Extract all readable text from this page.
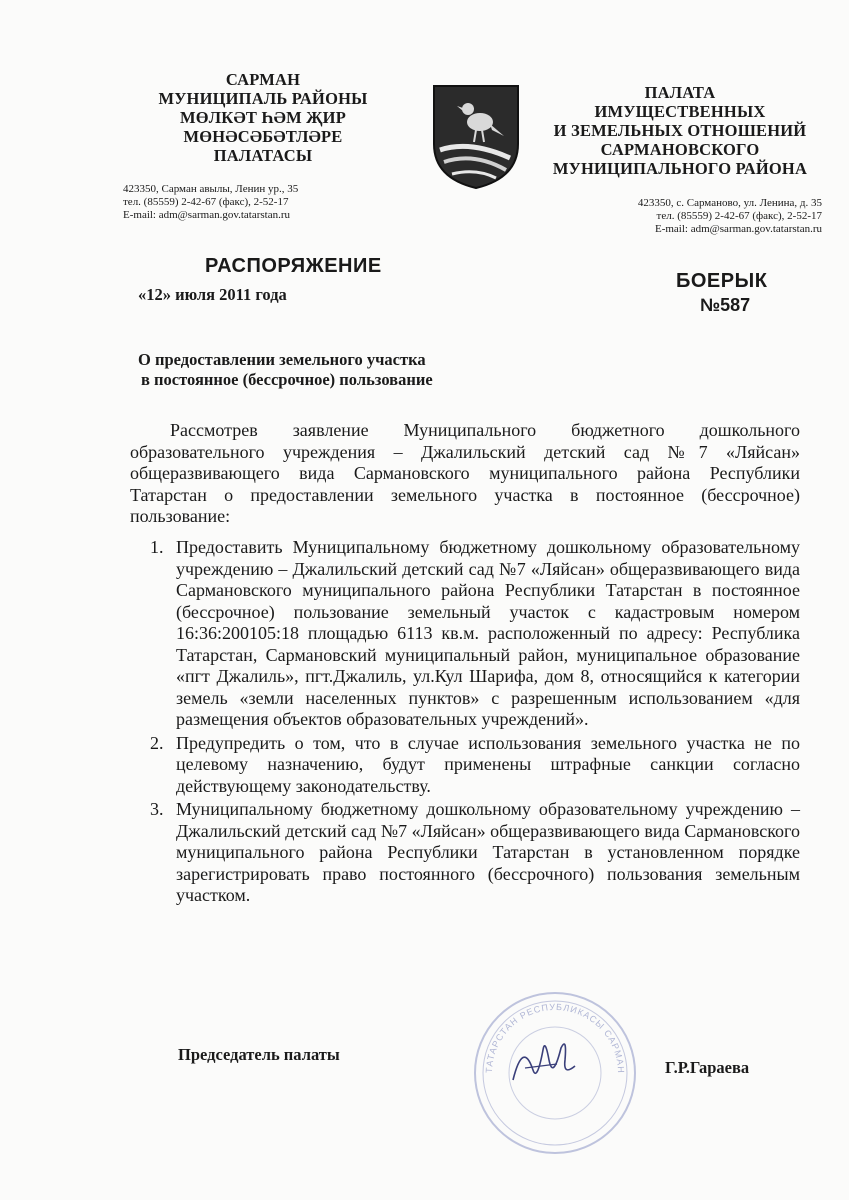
САРМАН
МУНИЦИПАЛЬ РАЙОНЫ
МӨЛКӘТ ҺӘМ ҖИР
МӨНӘСӘБӘТЛӘРЕ
ПАЛАТАСЫ
423350, Сарман авылы, Ленин ур., 35
тел. (85559) 2-42-67 (факс), 2-52-17
E-mail: adm@sarman.gov.tatarstan.ru
ПАЛАТА
ИМУЩЕСТВЕННЫХ
И ЗЕМЕЛЬНЫХ ОТНОШЕНИЙ
САРМАНОВСКОГО
МУНИЦИПАЛЬНОГО РАЙОНА
423350, с. Сарманово, ул. Ленина, д. 35
тел. (85559) 2-42-67 (факс), 2-52-17
E-mail: adm@sarman.gov.tatarstan.ru
РАСПОРЯЖЕНИЕ
«12» июля 2011 года
БОЕРЫК
№587
О предоставлении земельного участка
в постоянное (бессрочное) пользование
Рассмотрев заявление Муниципального бюджетного дошкольного образовательного учреждения – Джалильский детский сад №7 «Ляйсан» общеразвивающего вида Сармановского муниципального района Республики Татарстан о предоставлении земельного участка в постоянное (бессрочное) пользование:
1. Предоставить Муниципальному бюджетному дошкольному образовательному учреждению – Джалильский детский сад №7 «Ляйсан» общеразвивающего вида Сармановского муниципального района Республики Татарстан в постоянное (бессрочное) пользование земельный участок с кадастровым номером 16:36:200105:18 площадью 6113 кв.м. расположенный по адресу: Республика Татарстан, Сармановский муниципальный район, муниципальное образование «пгт Джалиль», пгт.Джалиль, ул.Кул Шарифа, дом 8, относящийся к категории земель «земли населенных пунктов» с разрешенным использованием «для размещения объектов образовательных учреждений».
2. Предупредить о том, что в случае использования земельного участка не по целевому назначению, будут применены штрафные санкции согласно действующему законодательству.
3. Муниципальному бюджетному дошкольному образовательному учреждению – Джалильский детский сад №7 «Ляйсан» общеразвивающего вида Сармановского муниципального района Республики Татарстан в установленном порядке зарегистрировать право постоянного (бессрочного) пользования земельным участком.
ТАТАРСТАН РЕСПУБЛИКАСЫ САРМАН
Председатель палаты
Г.Р.Гараева
